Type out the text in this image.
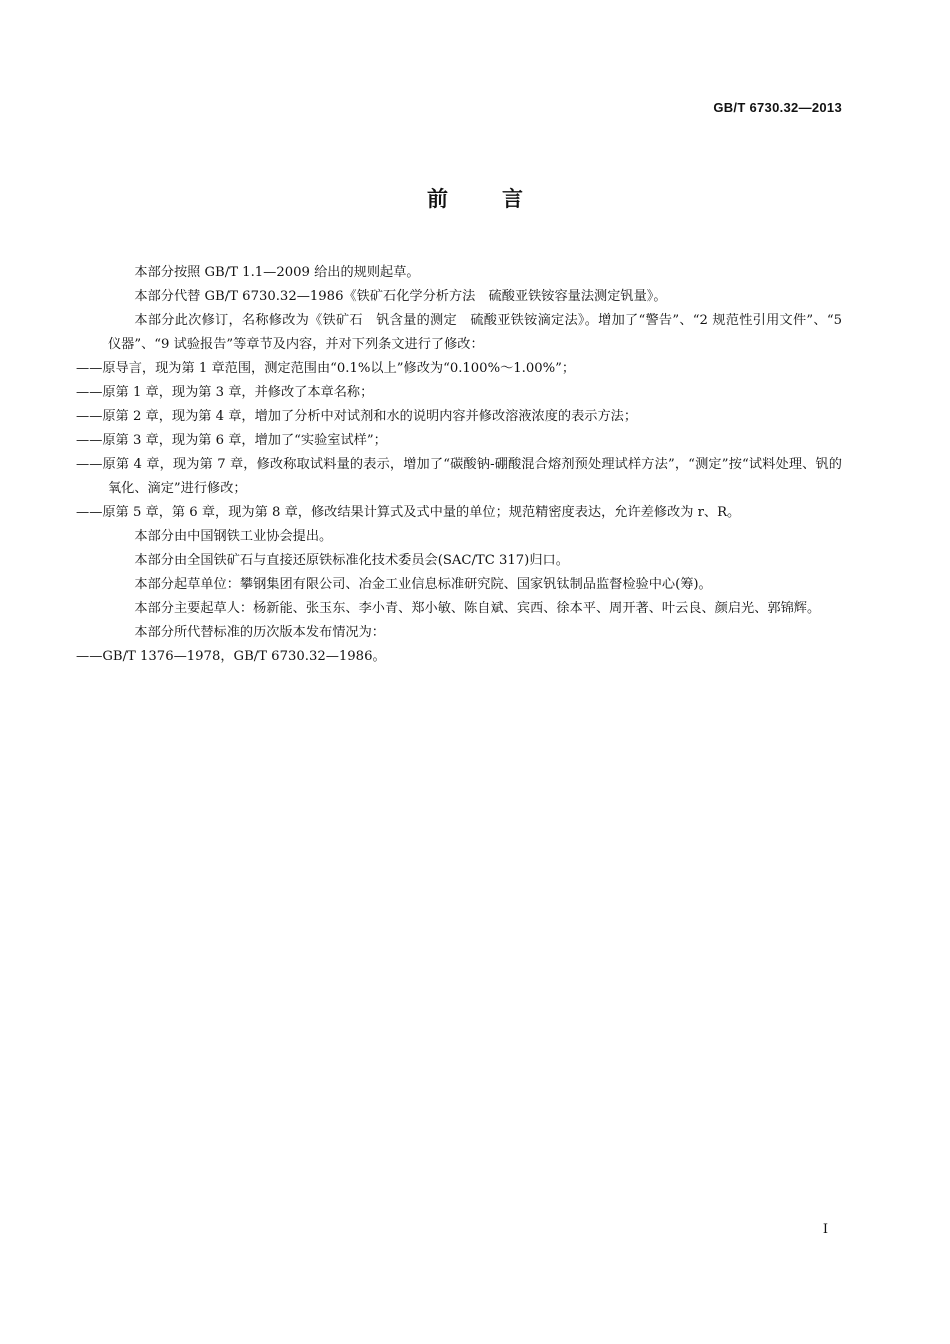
GB/T 6730.32—2013
前言

本部分按照 GB/T 1.1—2009 给出的规则起草。

本部分代替 GB/T 6730.32—1986《铁矿石化学分析方法　硫酸亚铁铵容量法测定钒量》。

本部分此次修订，名称修改为《铁矿石　钒含量的测定　硫酸亚铁铵滴定法》。增加了“警告”、“2 规范性引用文件”、“5 仪器”、“9 试验报告”等章节及内容，并对下列条文进行了修改：

——原导言，现为第 1 章范围，测定范围由“0.1%以上”修改为“0.100%～1.00%”；

——原第 1 章，现为第 3 章，并修改了本章名称；

——原第 2 章，现为第 4 章，增加了分析中对试剂和水的说明内容并修改溶液浓度的表示方法；

——原第 3 章，现为第 6 章，增加了“实验室试样”；

——原第 4 章，现为第 7 章，修改称取试料量的表示，增加了“碳酸钠-硼酸混合熔剂预处理试样方法”，“测定”按“试料处理、钒的氧化、滴定”进行修改；

——原第 5 章，第 6 章，现为第 8 章，修改结果计算式及式中量的单位；规范精密度表达，允许差修改为 r、R。

本部分由中国钢铁工业协会提出。

本部分由全国铁矿石与直接还原铁标准化技术委员会(SAC/TC 317)归口。

本部分起草单位：攀钢集团有限公司、冶金工业信息标准研究院、国家钒钛制品监督检验中心(筹)。

本部分主要起草人：杨新能、张玉东、李小青、郑小敏、陈自斌、宾西、徐本平、周开著、叶云良、颜启光、郭锦辉。

本部分所代替标准的历次版本发布情况为：

——GB/T 1376—1978，GB/T 6730.32—1986。

I
